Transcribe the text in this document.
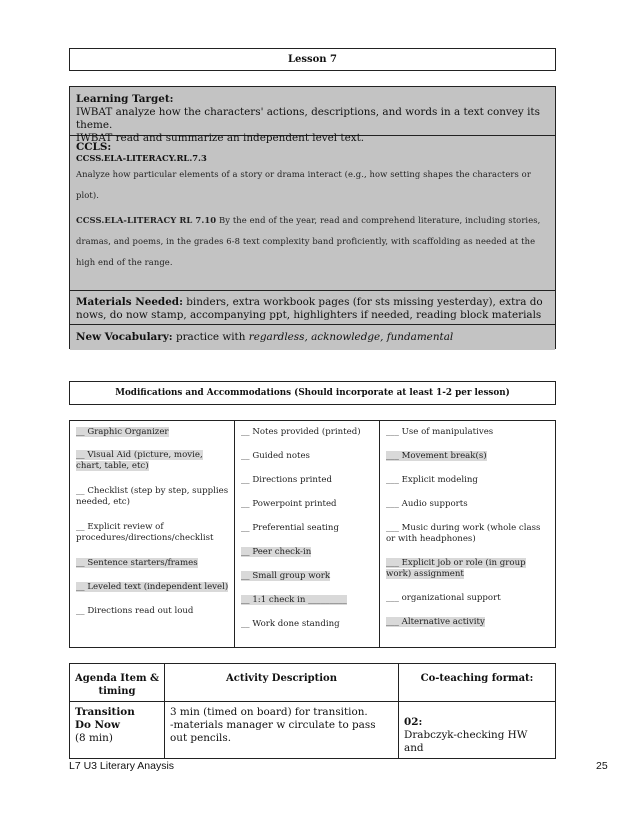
Lesson 7
Learning Target:
IWBAT analyze how the characters' actions, descriptions, and words in a text convey its theme.
IWBAT read and summarize an independent level text.
CCLS:
CCSS.ELA-LITERACY.RL.7.3
Analyze how particular elements of a story or drama interact (e.g., how setting shapes the characters or plot).
CCSS.ELA-LITERACY RL 7.10 By the end of the year, read and comprehend literature, including stories, dramas, and poems, in the grades 6-8 text complexity band proficiently, with scaffolding as needed at the high end of the range.
Materials Needed: binders, extra workbook pages (for sts missing yesterday), extra do nows, do now stamp, accompanying ppt, highlighters if needed, reading block materials
New Vocabulary: practice with regardless, acknowledge, fundamental
Modifications and Accommodations (Should incorporate at least 1-2 per lesson)

__ Graphic Organizer

__ Visual Aid (picture, movie, chart, table, etc)

__ Checklist (step by step, supplies needed, etc)

__ Explicit review of procedures/directions/checklist

__ Sentence starters/frames

__ Leveled text (independent level)

__ Directions read out loud

__ Notes provided (printed)

__ Guided notes

__ Directions printed

__ Powerpoint printed

__ Preferential seating

__ Peer check-in

__ Small group work

__ 1:1 check in _________

__ Work done standing

___ Use of manipulatives

___ Movement break(s)

___ Explicit modeling

___ Audio supports

___ Music during work (whole class or with headphones)

___ Explicit job or role (in group work) assignment

___ organizational support

___ Alternative activity

Agenda Item & timing
Activity Description	Co-teaching format:
Transition
Do Now
(8 min)
3 min (timed on board) for transition.
-materials manager w circulate to pass out pencils.
02:
Drabczyk-checking HW and
L7 U3 Literary Anaysis	25
